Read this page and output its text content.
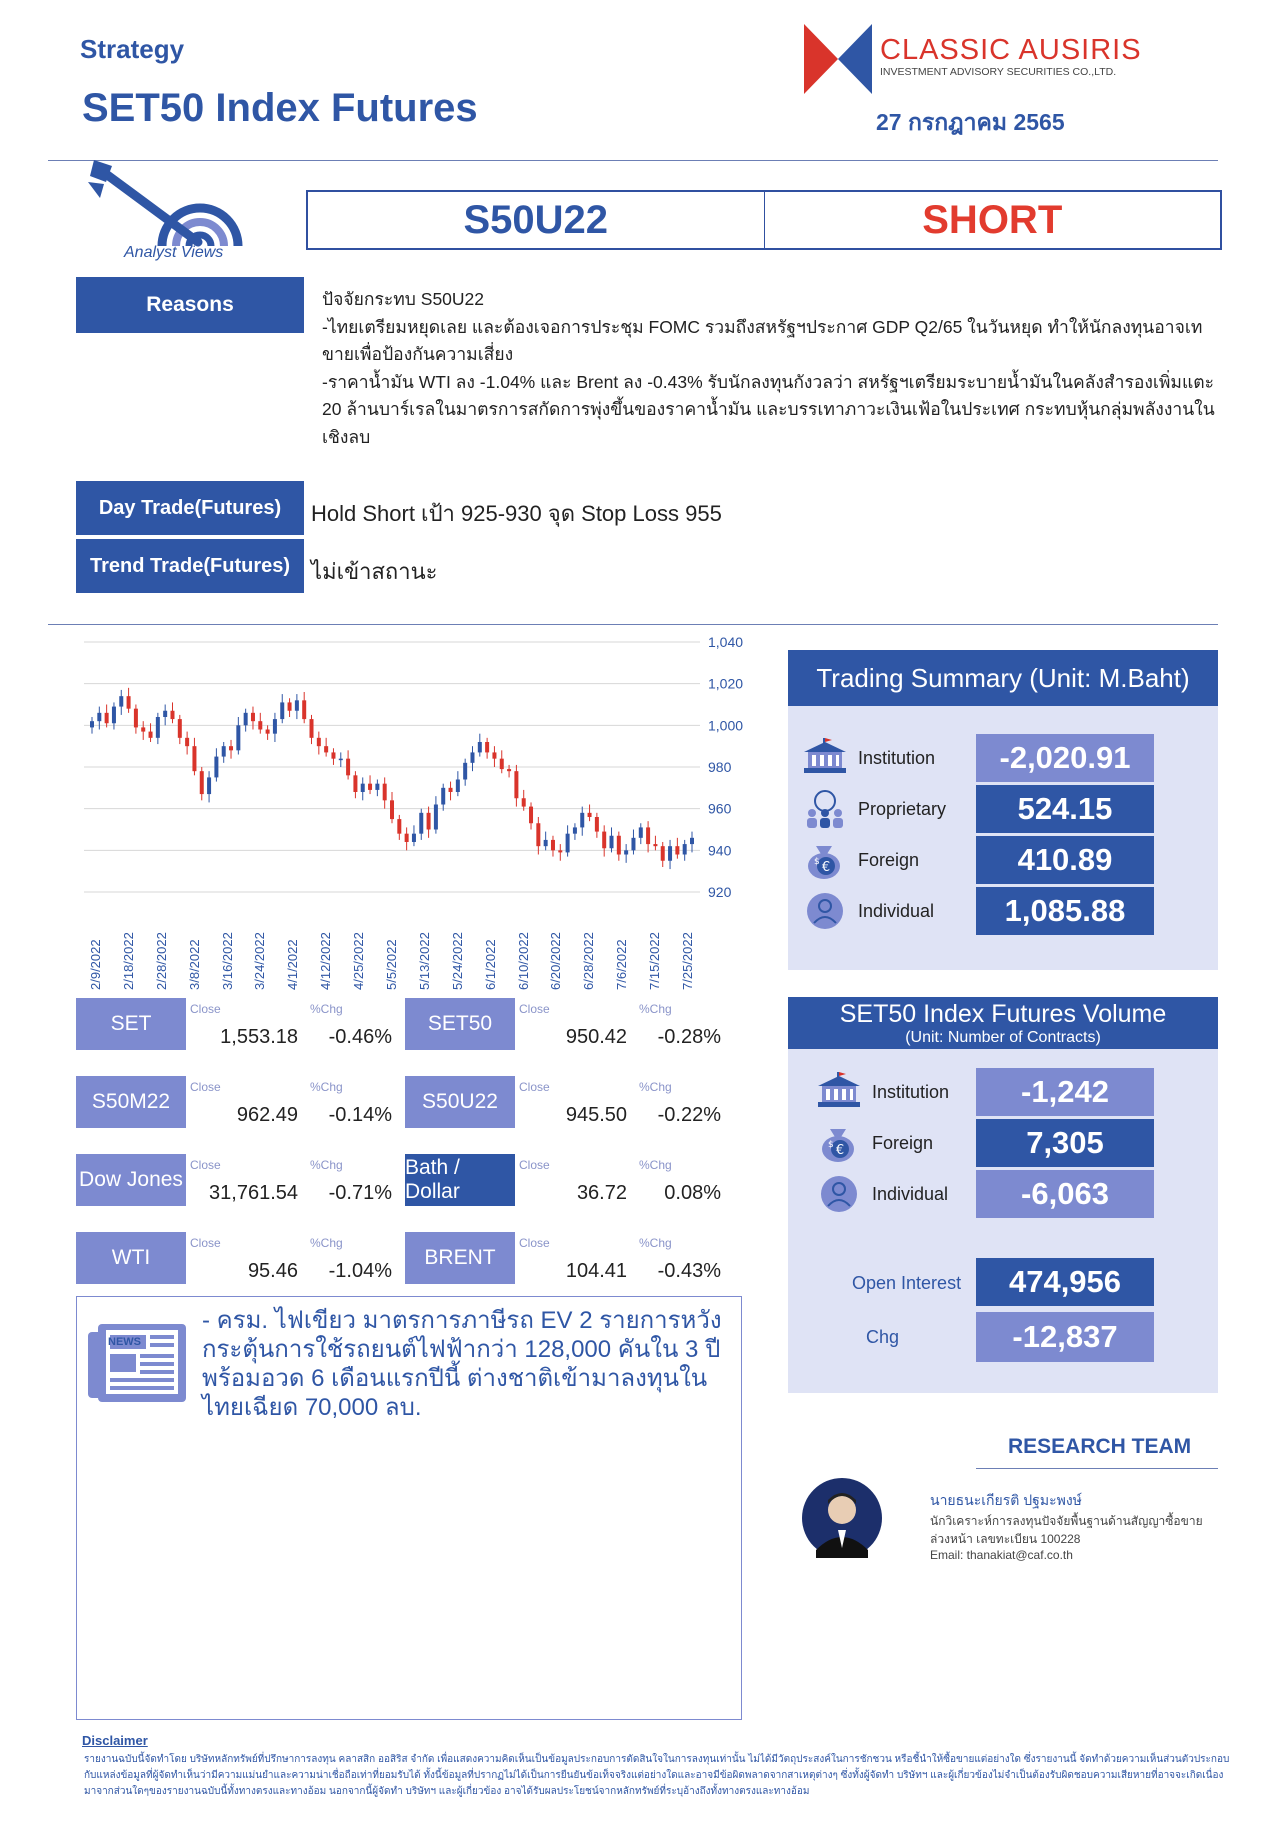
Strategy
SET50 Index Futures
CLASSIC AUSIRIS
INVESTMENT ADVISORY SECURITIES CO.,LTD.
27 กรกฎาคม 2565
Analyst Views
S50U22	SHORT
Reasons	ปัจจัยกระทบ S50U22
-ไทยเตรียมหยุดเลย และต้องเจอการประชุม FOMC รวมถึงสหรัฐฯประกาศ GDP Q2/65 ในวันหยุด ทำให้นักลงทุนอาจเทขายเพื่อป้องกันความเสี่ยง
-ราคาน้ำมัน WTI ลง -1.04% และ Brent ลง -0.43% รับนักลงทุนกังวลว่า สหรัฐฯเตรียมระบายน้ำมันในคลังสำรองเพิ่มแตะ 20 ล้านบาร์เรลในมาตรการสกัดการพุ่งขึ้นของราคาน้ำมัน และบรรเทาภาวะเงินเฟ้อในประเทศ กระทบหุ้นกลุ่มพลังงานในเชิงลบ
Day Trade(Futures)	Hold Short เป้า 925-930 จุด Stop Loss 955
Trend Trade(Futures) ไม่เข้าสถานะ
1,040
1,020
1,000
980
960
940
920
2/9/2022 2/18/2022 2/28/2022 3/8/2022 3/16/2022 3/24/2022 4/1/2022 4/12/2022 4/25/2022 5/5/2022 5/13/2022 5/24/2022 6/1/2022 6/10/2022 6/20/2022 6/28/2022 7/6/2022 7/15/2022 7/25/2022
SET
Close	%Chg
1,553.18	-0.46%
SET50
Close	%Chg
950.42	-0.28%
S50M22
Close	%Chg
962.49	-0.14%
S50U22
Close	%Chg
945.50	-0.22%
Dow Jones
Close	%Chg
31,761.54	-0.71%
Bath / Dollar
Close	%Chg
36.72	0.08%
WTI
Close	%Chg
95.46	-1.04%
BRENT
Close	%Chg
104.41	-0.43%
NEWS
- ครม. ไฟเขียว มาตรการภาษีรถ EV 2 รายการหวังกระตุ้นการใช้รถยนต์ไฟฟ้ากว่า 128,000 คันใน 3 ปี พร้อมอวด 6 เดือนแรกปีนี้ ต่างชาติเข้ามาลงทุนในไทยเฉียด 70,000 ลบ.
Trading Summary (Unit: M.Baht)
Institution	-2,020.91
Proprietary	524.15
€
$ Foreign	410.89
Individual	1,085.88
SET50 Index Futures Volume
(Unit: Number of Contracts)
Institution	-1,242
€
$ Foreign	7,305
Individual	-6,063
Open Interest	474,956
Chg	-12,837
RESEARCH TEAM
นายธนะเกียรติ ปฐมะพงษ์
นักวิเคราะห์การลงทุนปัจจัยพื้นฐานด้านสัญญาซื้อขาย
ล่วงหน้า เลขทะเบียน 100228
Email: thanakiat@caf.co.th
Disclaimer
รายงานฉบับนี้จัดทำโดย บริษัทหลักทรัพย์ที่ปรึกษาการลงทุน คลาสสิก ออสิริส จำกัด เพื่อแสดงความคิดเห็นเป็นข้อมูลประกอบการตัดสินใจในการลงทุนเท่านั้น ไม่ได้มีวัตถุประสงค์ในการชักชวน หรือชี้นำให้ซื้อขายแต่อย่างใด ซึ่งรายงานนี้ จัดทำด้วยความเห็นส่วนตัวประกอบกับแหล่งข้อมูลที่ผู้จัดทำเห็นว่ามีความแม่นยำและความน่าเชื่อถือเท่าที่ยอมรับได้ ทั้งนี้ข้อมูลที่ปรากฏไม่ได้เป็นการยืนยันข้อเท็จจริงแต่อย่างใดและอาจมีข้อผิดพลาดจากสาเหตุต่างๆ ซึ่งทั้งผู้จัดทำ บริษัทฯ และผู้เกี่ยวข้องไม่จำเป็นต้องรับผิดชอบความเสียหายที่อาจจะเกิดเนื่องมาจากส่วนใดๆของรายงานฉบับนี้ทั้งทางตรงและทางอ้อม นอกจากนี้ผู้จัดทำ บริษัทฯ และผู้เกี่ยวข้อง อาจได้รับผลประโยชน์จากหลักทรัพย์ที่ระบุอ้างถึงทั้งทางตรงและทางอ้อม
